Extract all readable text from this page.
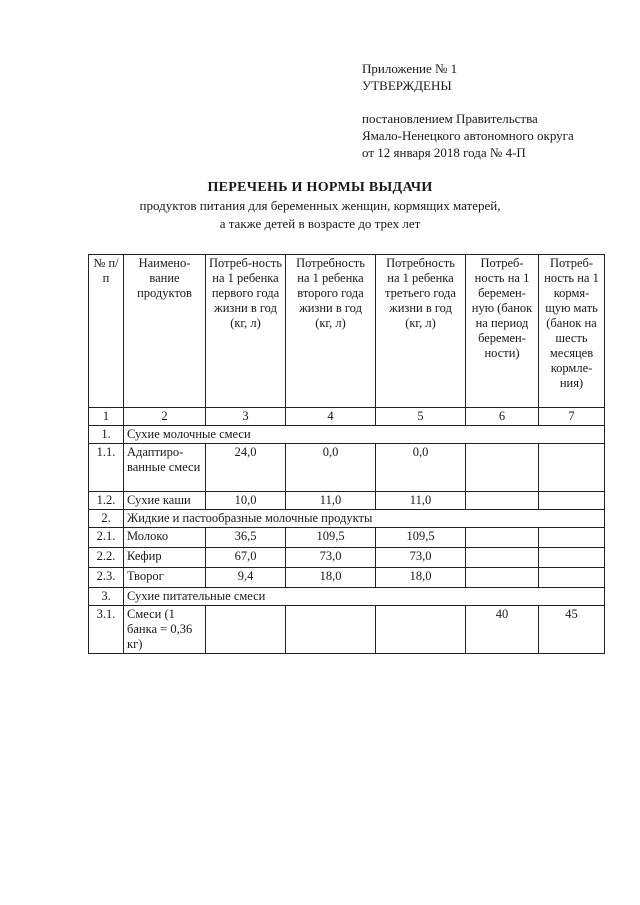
Приложение № 1
УТВЕРЖДЕНЫ
постановлением Правительства
Ямало-Ненецкого автономного округа
от 12 января 2018 года № 4-П
ПЕРЕЧЕНЬ И НОРМЫ ВЫДАЧИ
продуктов питания для беременных женщин, кормящих матерей,
а также детей в возрасте до трех лет
№ п/п	Наимено-вание продуктов	Потреб-ность на 1 ребенка первого года жизни в год (кг, л)	Потребность на 1 ребенка второго года жизни в год (кг, л)	Потребность на 1 ребенка третьего года жизни в год (кг, л)	Потреб-ность на 1 беремен-ную (банок на период беремен-ности)	Потреб-ность на 1 кормя-щую мать (банок на шесть месяцев кормле-ния)
1	2	3	4	5	6	7
1.	Сухие молочные смеси					
1.1.	Адаптиро-ванные смеси	24,0	0,0	0,0		
1.2.	Сухие каши	10,0	11,0	11,0		
2.	Жидкие и пастообразные молочные продукты					
2.1.	Молоко	36,5	109,5	109,5		
2.2.	Кефир	67,0	73,0	73,0		
2.3.	Творог	9,4	18,0	18,0		
3.	Сухие питательные смеси					
3.1.	Смеси (1 банка = 0,36 кг)				40	45
